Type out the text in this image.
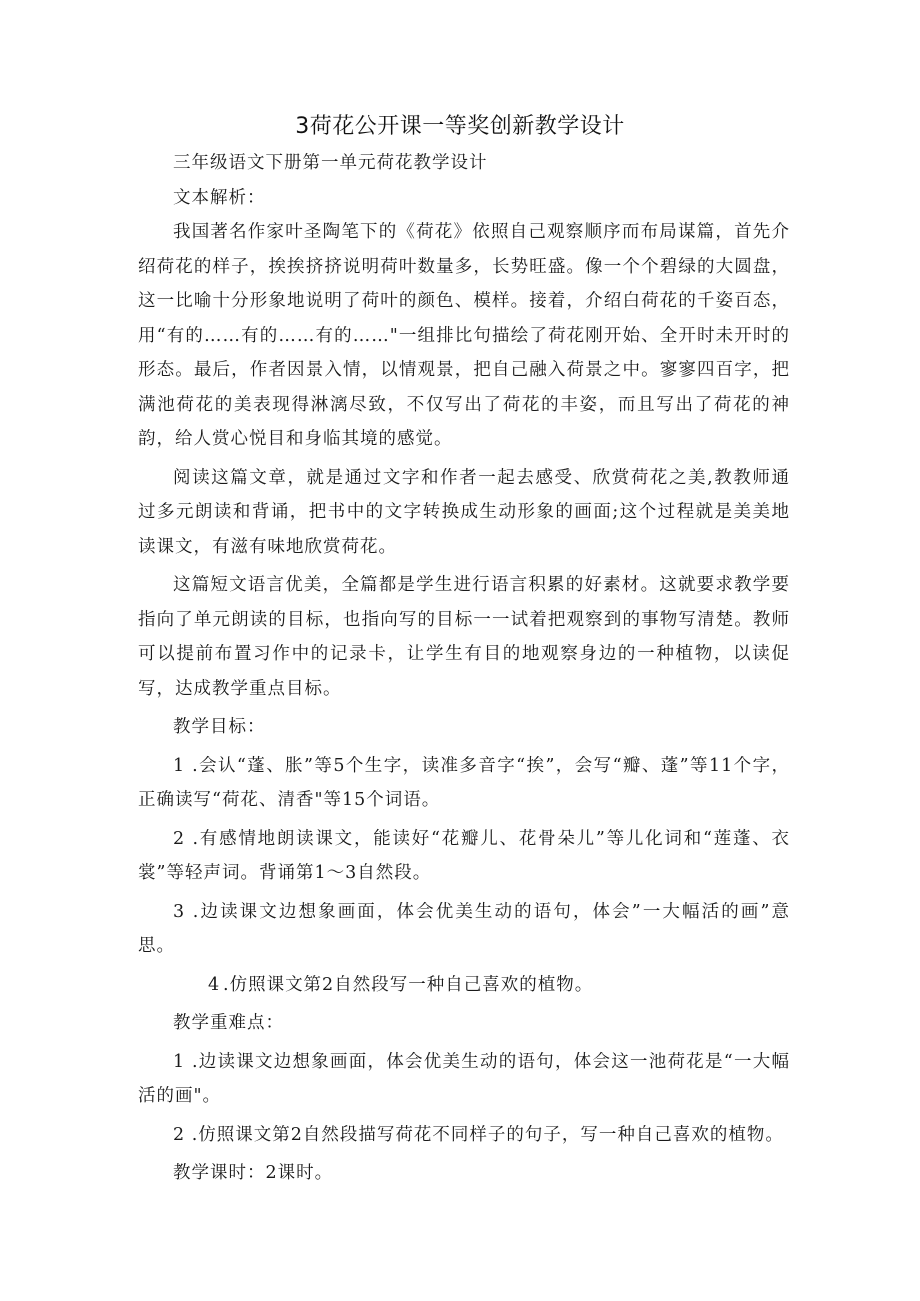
3荷花公开课一等奖创新教学设计

三年级语文下册第一单元荷花教学设计

文本解析：

我国著名作家叶圣陶笔下的《荷花》依照自己观察顺序而布局谋篇，首先介绍荷花的样子，挨挨挤挤说明荷叶数量多，长势旺盛。像一个个碧绿的大圆盘，这一比喻十分形象地说明了荷叶的颜色、模样。接着，介绍白荷花的千姿百态，用“有的……有的……有的……"一组排比句描绘了荷花刚开始、全开时未开时的形态。最后，作者因景入情，以情观景，把自己融入荷景之中。寥寥四百字，把满池荷花的美表现得淋漓尽致，不仅写出了荷花的丰姿，而且写出了荷花的神韵，给人赏心悦目和身临其境的感觉。

阅读这篇文章，就是通过文字和作者一起去感受、欣赏荷花之美,教教师通过多元朗读和背诵，把书中的文字转换成生动形象的画面;这个过程就是美美地读课文，有滋有味地欣赏荷花。

这篇短文语言优美，全篇都是学生进行语言积累的好素材。这就要求教学要指向了单元朗读的目标，也指向写的目标一一试着把观察到的事物写清楚。教师可以提前布置习作中的记录卡，让学生有目的地观察身边的一种植物，以读促写，达成教学重点目标。

教学目标：

1 .会认“蓬、胀”等5个生字，读准多音字“挨”，会写“瓣、蓬”等11个字，正确读写“荷花、清香"等15个词语。

2 .有感情地朗读课文，能读好“花瓣儿、花骨朵儿”等儿化词和“莲蓬、衣裳”等轻声词。背诵第1～3自然段。

3 .边读课文边想象画面，体会优美生动的语句，体会”一大幅活的画”意思。

4 .仿照课文第2自然段写一种自己喜欢的植物。

教学重难点：

1 .边读课文边想象画面，体会优美生动的语句，体会这一池荷花是“一大幅活的画"。

2 .仿照课文第2自然段描写荷花不同样子的句子，写一种自己喜欢的植物。

教学课时：2课时。
